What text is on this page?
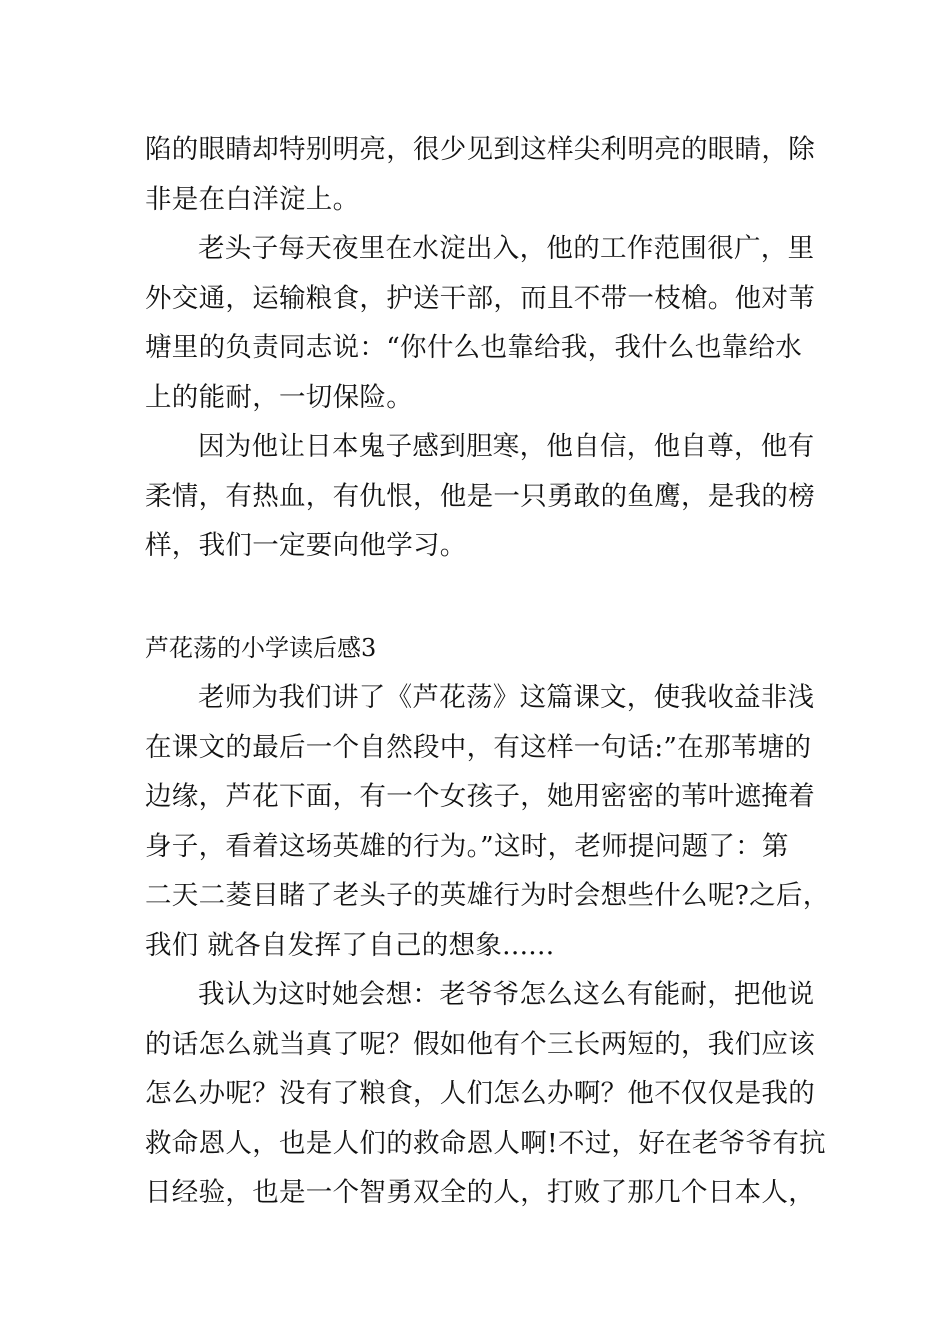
陷的眼睛却特别明亮，很少见到这样尖利明亮的眼睛，除
非是在白洋淀上。
老头子每天夜里在水淀出入，他的工作范围很广，里
外交通，运输粮食，护送干部，而且不带一枝槍。他对苇
塘里的负责同志说：“你什么也靠给我，我什么也靠给水
上的能耐，一切保险。
因为他让日本鬼子感到胆寒，他自信，他自尊，他有
柔情，有热血，有仇恨，他是一只勇敢的鱼鹰，是我的榜
样，我们一定要向他学习。
芦花荡的小学读后感3
老师为我们讲了《芦花荡》这篇课文，使我收益非浅
在课文的最后一个自然段中，有这样一句话:”在那苇塘的
边缘，芦花下面，有一个女孩子，她用密密的苇叶遮掩着
身子，看着这场英雄的行为。”这时，老师提问题了：第
二天二菱目睹了老头子的英雄行为时会想些什么呢?之后，
我们 就各自发挥了自己的想象......
我认为这时她会想：老爷爷怎么这么有能耐，把他说
的话怎么就当真了呢？假如他有个三长两短的，我们应该
怎么办呢？没有了粮食，人们怎么办啊？他不仅仅是我的
救命恩人，也是人们的救命恩人啊!不过，好在老爷爷有抗
日经验，也是一个智勇双全的人，打败了那几个日本人，
